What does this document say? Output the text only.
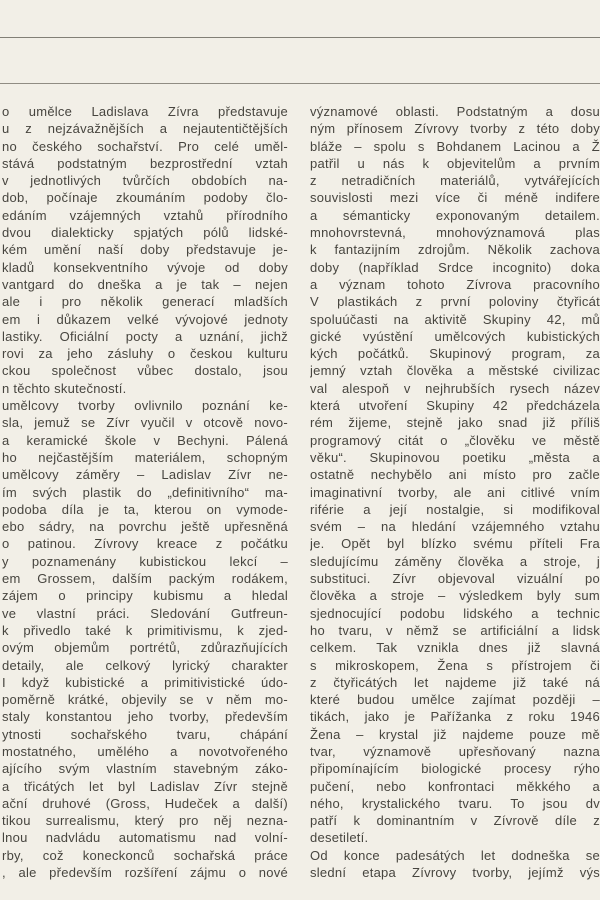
o umělce Ladislava Zívra představuje
u z nejzávažnějších a nejautentičtějších
no českého sochařství. Pro celé uměl-
stává podstatným bezprostřední vztah
v jednotlivých tvůrčích obdobích na-
dob, počínaje zkoumáním podoby člo-
edáním vzájemných vztahů přírodního
dvou dialekticky spjatých pólů lidské-
kém umění naší doby představuje je-
kladů konsekventního vývoje od doby
vantgard do dneška a je tak – nejen
ale i pro několik generací mladších
em i důkazem velké vývojové jednoty
lastiky. Oficiální pocty a uznání, jichž
rovi za jeho zásluhy o českou kulturu
ckou společnost vůbec dostalo, jsou
n těchto skutečností.
umělcovy tvorby ovlivnilo poznání ke-
sla, jemuž se Zívr vyučil v otcově novo-
a keramické škole v Bechyni. Pálená
ho nejčastějším materiálem, schopným
umělcovy záměry – Ladislav Zívr ne-
ím svých plastik do „definitivního“ ma-
podoba díla je ta, kterou on vymode-
ebo sádry, na povrchu ještě upřesněná
o patinou. Zívrovy kreace z počátku
y poznamenány kubistickou lekcí –
em Grossem, dalším packým rodákem,
zájem o principy kubismu a hledal
ve vlastní práci. Sledování Gutfreun-
k přivedlo také k primitivismu, k zjed-
ovým objemům portrétů, zdůrazňujících
detaily, ale celkový lyrický charakter
I když kubistické a primitivistické údo-
poměrně krátké, objevily se v něm mo-
staly konstantou jeho tvorby, především
ytnosti sochařského tvaru, chápání
mostatného, umělého a novotvořeného
ajícího svým vlastním stavebným záko-
a třicátých let byl Ladislav Zívr stejně
ační druhové (Gross, Hudeček a další)
tikou surrealismu, který pro něj nezna-
lnou nadvládu automatismu nad volní-
rby, což koneckonců sochařská práce
, ale především rozšíření zájmu o nové
významové oblasti. Podstatným a dosu
ným přínosem Zívrovy tvorby z této doby
bláže – spolu s Bohdanem Lacinou a Ž
patřil u nás k objevitelům a prvním
z netradičních materiálů, vytvářejících
souvislosti mezi více či méně indifere
a sémanticky exponovaným detailem.
mnohovrstevná, mnohovýznamová plas
k fantazijním zdrojům. Několik zachova
doby (například Srdce incognito) doka
a význam tohoto Zívrova pracovního
V plastikách z první poloviny čtyřicát
spoluúčasti na aktivitě Skupiny 42, mů
gické vyústění umělcových kubistických
kých počátků. Skupinový program, za
jemný vztah člověka a městské civilizac
val alespoň v nejhrubších rysech název
která utvoření Skupiny 42 předcházela
rém žijeme, stejně jako snad již příliš
programový citát o „člověku ve městě
věku“. Skupinovou poetiku „města a
ostatně nechybělo ani místo pro začle
imaginativní tvorby, ale ani citlivé vním
riférie a její nostalgie, si modifikoval
svém – na hledání vzájemného vztahu
je. Opět byl blízko svému příteli Fra
sledujícímu záměny člověka a stroje, j
substituci. Zívr objevoval vizuální po
člověka a stroje – výsledkem byly sum
sjednocující podobu lidského a technic
ho tvaru, v němž se artificiální a lidsk
celkem. Tak vznikla dnes již slavná
s mikroskopem, Žena s přístrojem či
z čtyřicátých let najdeme již také ná
které budou umělce zajímat později –
tikách, jako je Pařížanka z roku 1946
Žena – krystal již najdeme pouze mě
tvar, významově upřesňovaný nazna
připomínajícím biologické procesy rýho
pučení, nebo konfrontaci měkkého a
ného, krystalického tvaru. To jsou dv
patří k dominantním v Zívrově díle z
desetiletí.
Od konce padesátých let dodneška se
slední etapa Zívrovy tvorby, jejímž výs
